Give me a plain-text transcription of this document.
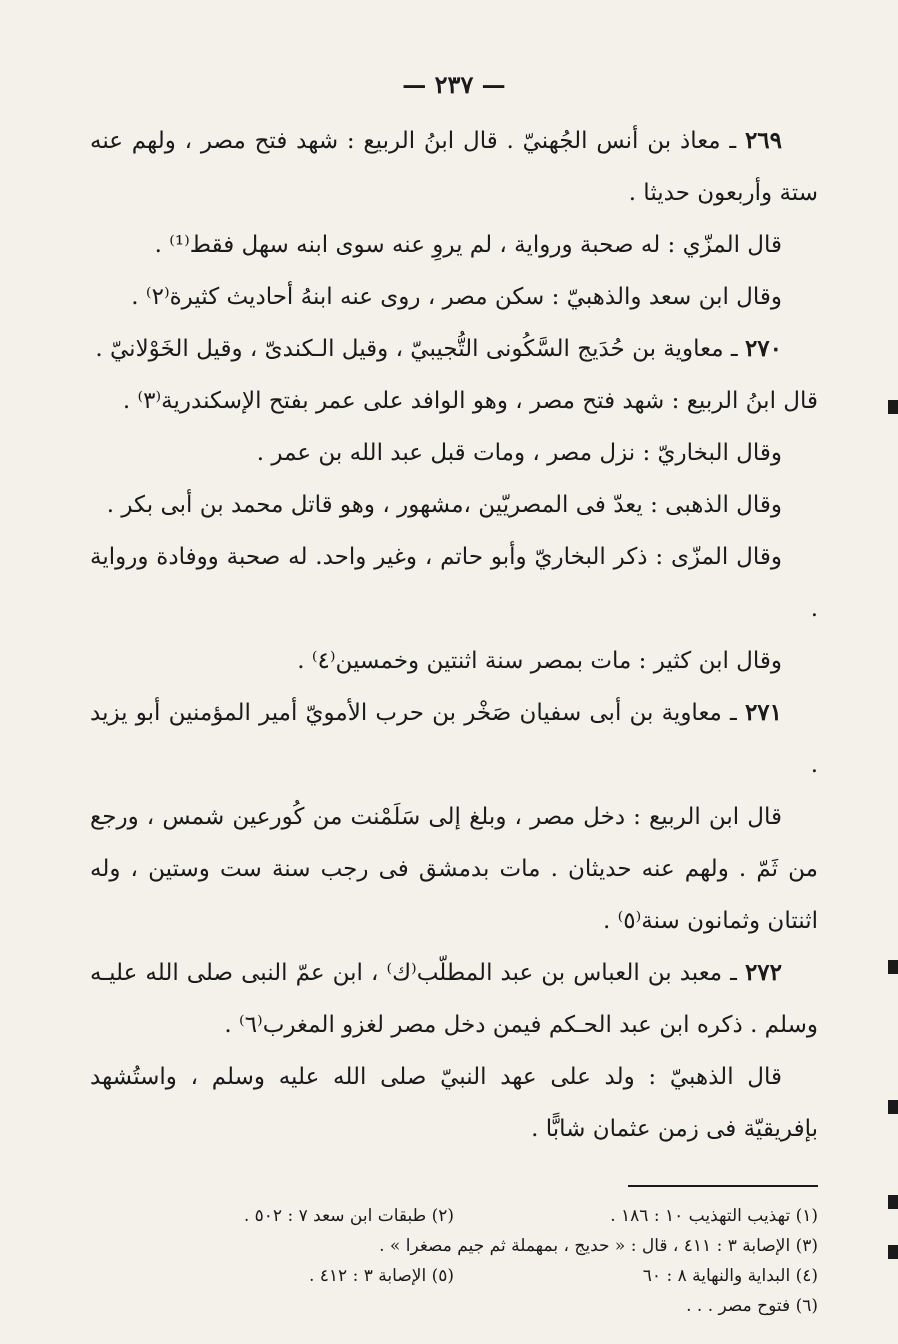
— ٢٣٧ —

٢٦٩ ـ معاذ بن أنس الجُهنيّ . قال ابنُ الربيع : شهد فتح مصر ، ولهم عنه ستة وأربعون حديثا .

قال المزّي : له صحبة ورواية ، لم يروِ عنه سوى ابنه سهل فقط⁽¹⁾ .

وقال ابن سعد والذهبيّ : سكن مصر ، روى عنه ابنهُ أحاديث كثيرة⁽٢⁾ .

٢٧٠ ـ معاوية بن حُدَيج السَّكُونى التُّجيبيّ ، وقيل الـكندىّ ، وقيل الخَوْلانيّ .

قال ابنُ الربيع : شهد فتح مصر ، وهو الوافد على عمر بفتح الإسكندرية⁽٣⁾ .

وقال البخاريّ : نزل مصر ، ومات قبل عبد الله بن عمر .

وقال الذهبى : يعدّ فى المصريّين ،مشهور ، وهو قاتل محمد بن أبى بكر .

وقال المزّى : ذكر البخاريّ وأبو حاتم ، وغير واحد. له صحبة ووفادة ورواية .

وقال ابن كثير : مات بمصر سنة اثنتين وخمسين⁽٤⁾ .

٢٧١ ـ معاوية بن أبى سفيان صَخْر بن حرب الأمويّ أمير المؤمنين أبو يزيد .

قال ابن الربيع : دخل مصر ، وبلغ إلى سَلَمْنت من كُورعين شمس ، ورجع من ثَمّ . ولهم عنه حديثان . مات بدمشق فى رجب سنة ست وستين ، وله اثنتان وثمانون سنة⁽٥⁾ .

٢٧٢ ـ معبد بن العباس بن عبد المطلّب⁽ك⁾ ، ابن عمّ النبى صلى الله عليـه وسلم . ذكره ابن عبد الحـكم فيمن دخل مصر لغزو المغرب⁽٦⁾ .

قال الذهبيّ : ولد على عهد النبيّ صلى الله عليه وسلم ، واستُشهد بإفريقيّة فى زمن عثمان شابًّا .

(١) تهذيب التهذيب ١٠ : ١٨٦ .
(٢) طبقات ابن سعد ٧ : ٥٠٢ .

(٣) الإصابة ٣ : ٤١١ ، قال : « حديج ، بمهملة ثم جيم مصغرا » .

(٤) البداية والنهاية ٨ : ٦٠
(٥) الإصابة ٣ : ٤١٢ .

(٦) فتوح مصر . . .
